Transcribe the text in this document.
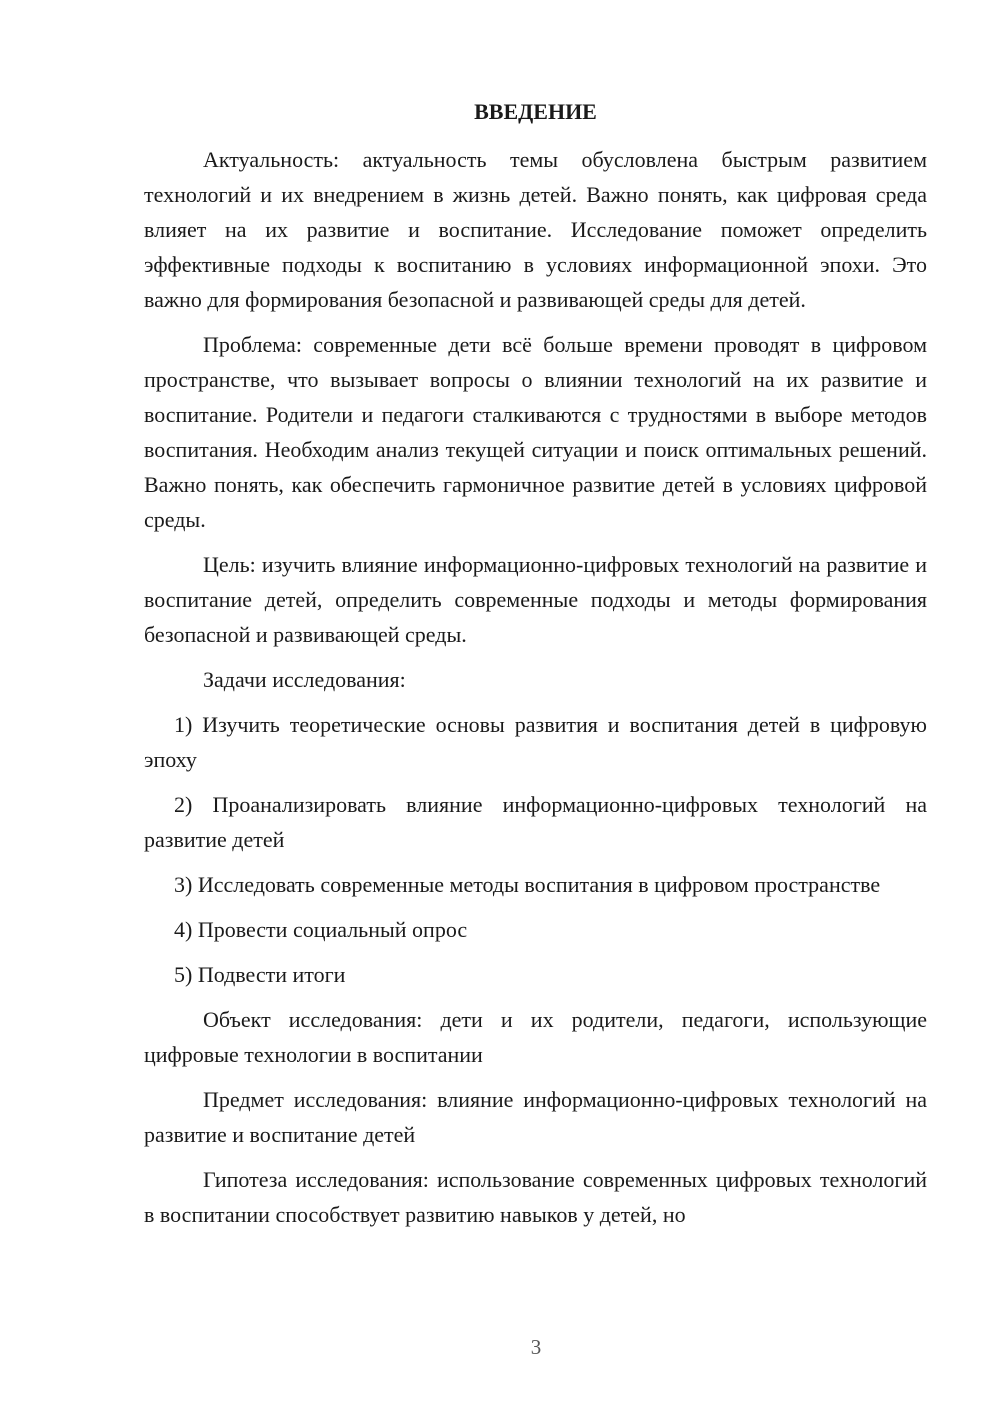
ВВЕДЕНИЕ

Актуальность: актуальность темы обусловлена быстрым развитием технологий и их внедрением в жизнь детей. Важно понять, как цифровая среда влияет на их развитие и воспитание. Исследование поможет определить эффективные подходы к воспитанию в условиях информационной эпохи. Это важно для формирования безопасной и развивающей среды для детей.

Проблема: современные дети всё больше времени проводят в цифровом пространстве, что вызывает вопросы о влиянии технологий на их развитие и воспитание. Родители и педагоги сталкиваются с трудностями в выборе методов воспитания. Необходим анализ текущей ситуации и поиск оптимальных решений. Важно понять, как обеспечить гармоничное развитие детей в условиях цифровой среды.

Цель: изучить влияние информационно-цифровых технологий на развитие и воспитание детей, определить современные подходы и методы формирования безопасной и развивающей среды.

Задачи исследования:

1) Изучить теоретические основы развития и воспитания детей в цифровую эпоху

2) Проанализировать влияние информационно-цифровых технологий на развитие детей

3) Исследовать современные методы воспитания в цифровом пространстве

4) Провести социальный опрос

5) Подвести итоги

Объект исследования: дети и их родители, педагоги, использующие цифровые технологии в воспитании

Предмет исследования: влияние информационно-цифровых технологий на развитие и воспитание детей

Гипотеза исследования: использование современных цифровых технологий в воспитании способствует развитию навыков у детей, но

3
